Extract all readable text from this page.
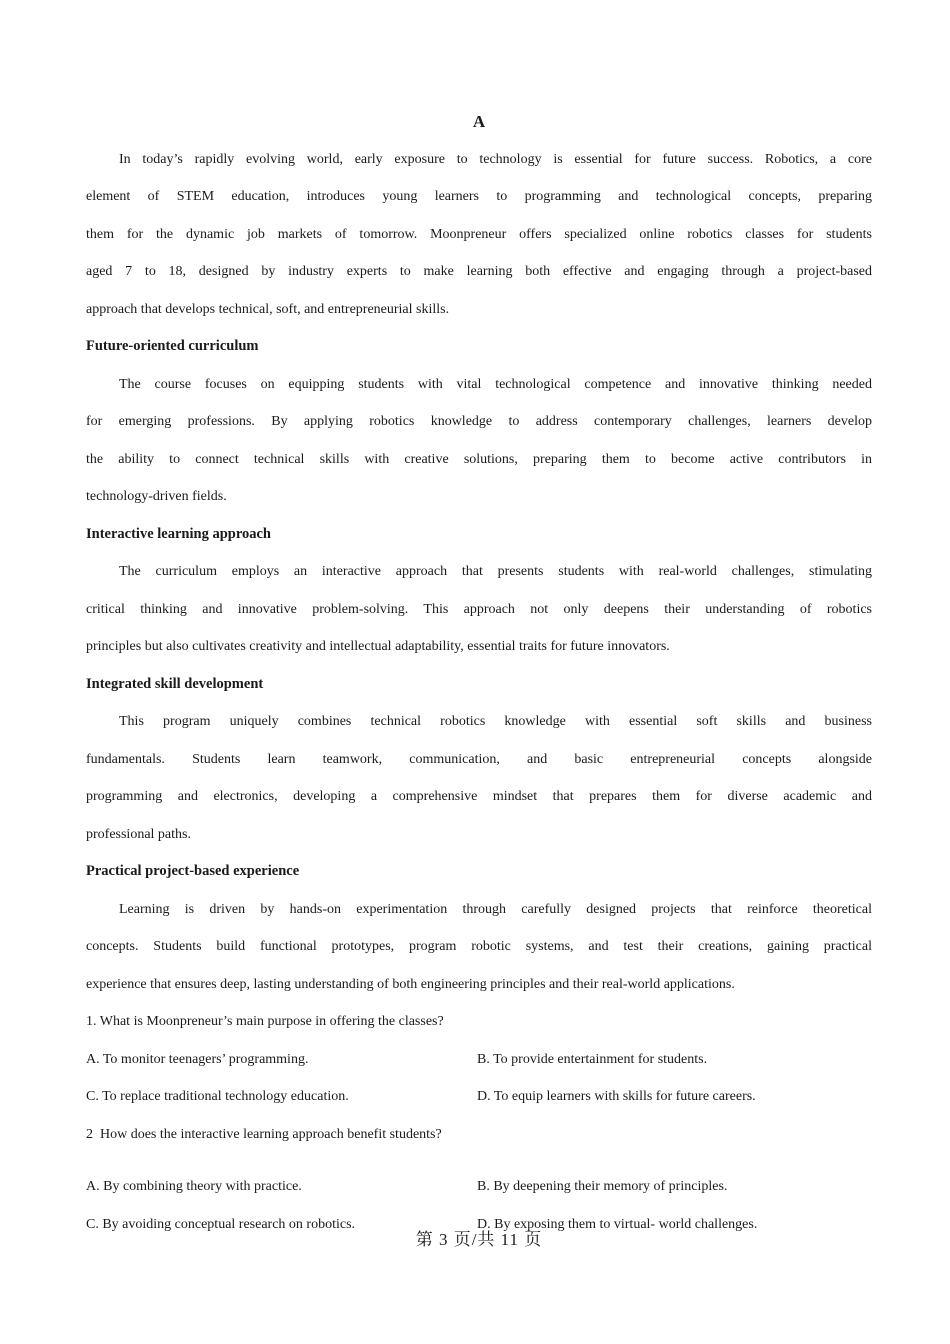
A
In today’s rapidly evolving world, early exposure to technology is essential for future success. Robotics, a core
element of STEM education, introduces young learners to programming and technological concepts, preparing
them for the dynamic job markets of tomorrow. Moonpreneur offers specialized online robotics classes for students
aged 7 to 18, designed by industry experts to make learning both effective and engaging through a project-based
approach that develops technical, soft, and entrepreneurial skills.
Future-oriented curriculum
The course focuses on equipping students with vital technological competence and innovative thinking needed
for emerging professions. By applying robotics knowledge to address contemporary challenges, learners develop
the ability to connect technical skills with creative solutions, preparing them to become active contributors in
technology-driven fields.
Interactive learning approach
The curriculum employs an interactive approach that presents students with real-world challenges, stimulating
critical thinking and innovative problem-solving. This approach not only deepens their understanding of robotics
principles but also cultivates creativity and intellectual adaptability, essential traits for future innovators.
Integrated skill development
This program uniquely combines technical robotics knowledge with essential soft skills and business
fundamentals. Students learn teamwork, communication, and basic entrepreneurial concepts alongside
programming and electronics, developing a comprehensive mindset that prepares them for diverse academic and
professional paths.
Practical project-based experience
Learning is driven by hands-on experimentation through carefully designed projects that reinforce theoretical
concepts. Students build functional prototypes, program robotic systems, and test their creations, gaining practical
experience that ensures deep, lasting understanding of both engineering principles and their real-world applications.

1. What is Moonpreneur’s main purpose in offering the classes?

A. To monitor teenagers’ programming.	B. To provide entertainment for students.
C. To replace traditional technology education.	D. To equip learners with skills for future careers.

2  How does the interactive learning approach benefit students?

A. By combining theory with practice.	B. By deepening their memory of principles.
C. By avoiding conceptual research on robotics.	D. By exposing them to virtual- world challenges.
第 3 页/共 11 页
